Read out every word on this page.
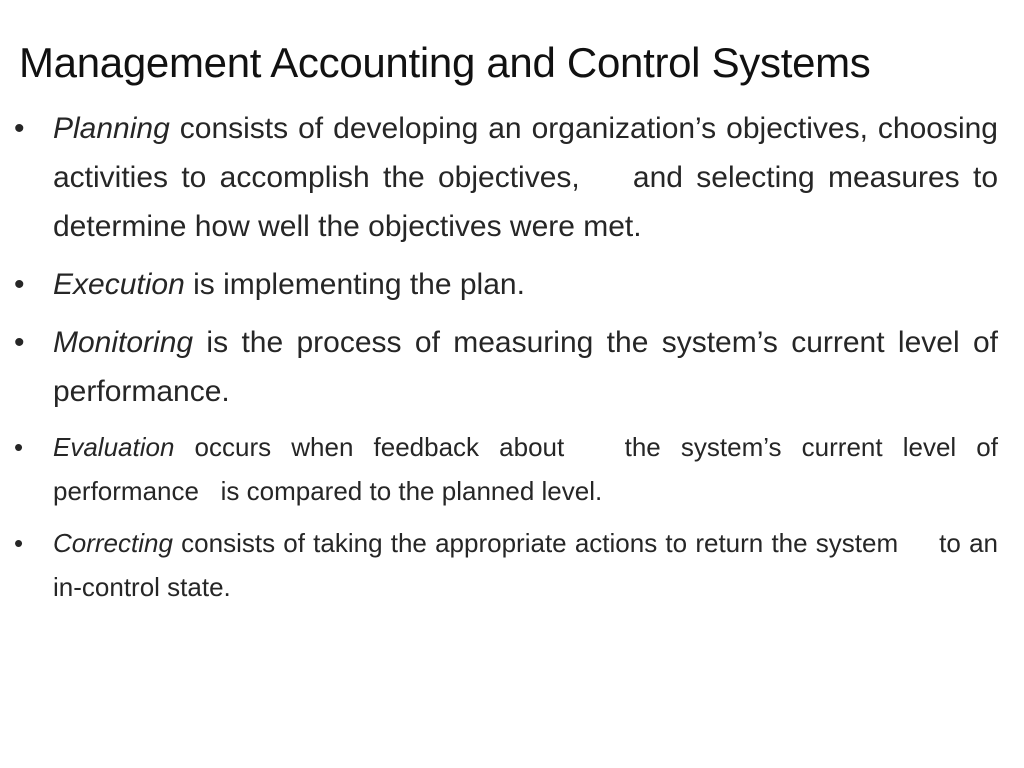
Management Accounting and Control Systems
• Planning consists of developing an organization’s objectives, choosing activities to accomplish the objectives,    and selecting measures to determine how well the objectives were met.
• Execution is implementing the plan.
• Monitoring is the process of measuring the system’s current level of performance.
• Evaluation occurs when feedback about   the system’s current level of performance   is compared to the planned level.
• Correcting consists of taking the appropriate actions to return the system     to an in-control state.
